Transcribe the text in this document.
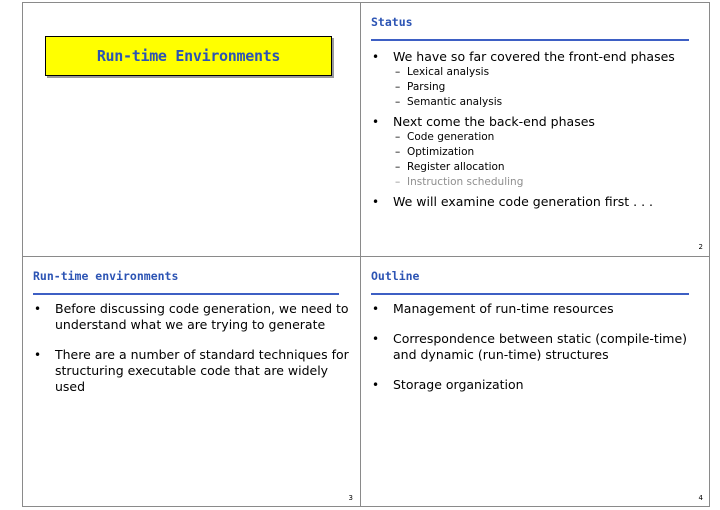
Run-time Environments
Status
• We have so far covered the front-end phases
– Lexical analysis
– Parsing
– Semantic analysis
• Next come the back-end phases
– Code generation
– Optimization
– Register allocation
– Instruction scheduling
• We will examine code generation first . . .
2
Run-time environments
• Before discussing code generation, we need to understand what we are trying to generate
• There are a number of standard techniques for structuring executable code that are widely used
3
Outline
• Management of run-time resources
• Correspondence between static (compile-time) and dynamic (run-time) structures
• Storage organization
4
